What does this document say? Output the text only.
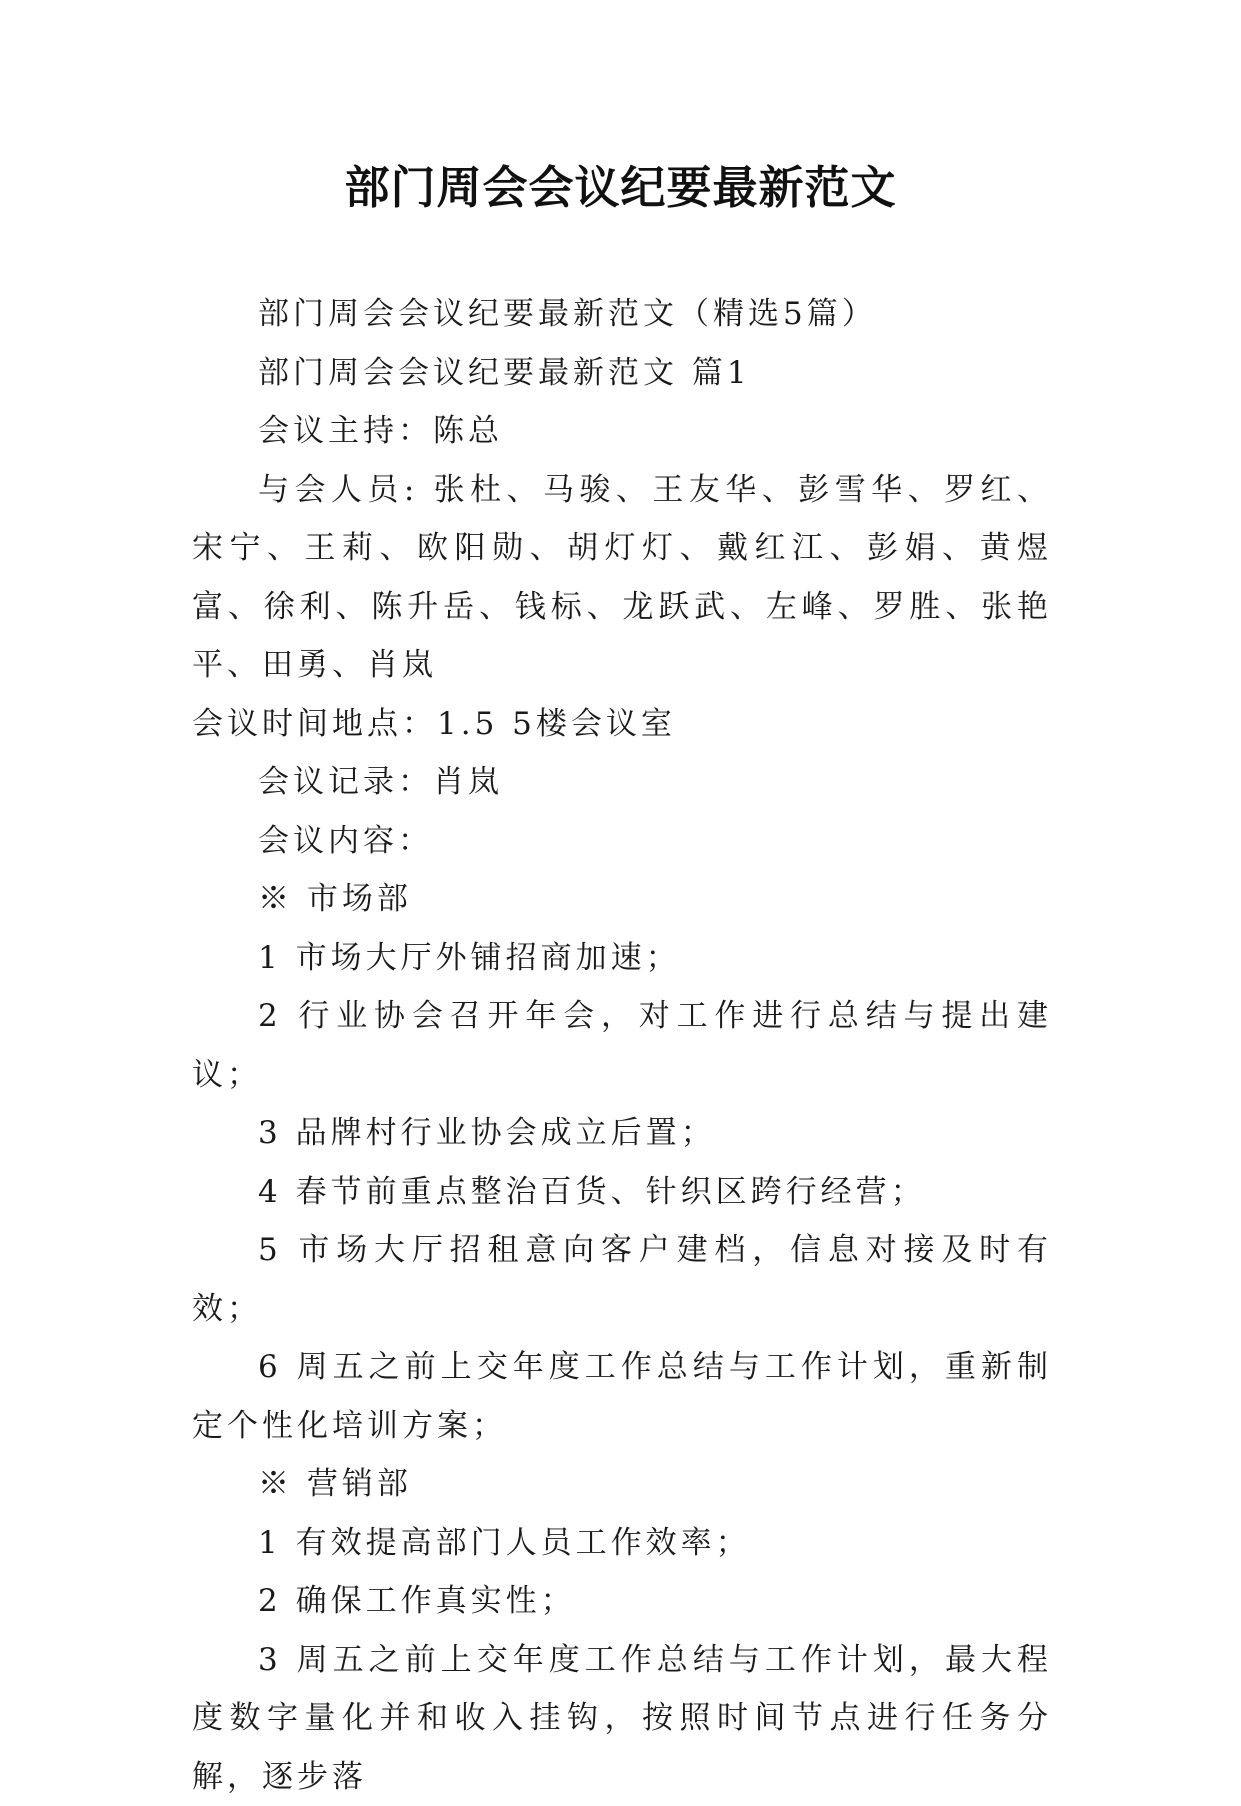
部门周会会议纪要最新范文

部门周会会议纪要最新范文（精选5篇）

部门周会会议纪要最新范文 篇1

会议主持：陈总

与会人员: 张杜、马骏、王友华、彭雪华、罗红、宋宁、王莉、欧阳勋、胡灯灯、戴红江、彭娟、黄煜富、徐利、陈升岳、钱标、龙跃武、左峰、罗胜、张艳平、田勇、肖岚

会议时间地点：1.5 5楼会议室

会议记录：肖岚

会议内容：

※ 市场部

1 市场大厅外铺招商加速；

2 行业协会召开年会，对工作进行总结与提出建议；

3 品牌村行业协会成立后置；

4 春节前重点整治百货、针织区跨行经营；

5 市场大厅招租意向客户建档，信息对接及时有效；

6 周五之前上交年度工作总结与工作计划，重新制定个性化培训方案；

※ 营销部

1 有效提高部门人员工作效率；

2 确保工作真实性；

3 周五之前上交年度工作总结与工作计划，最大程度数字量化并和收入挂钩，按照时间节点进行任务分解，逐步落
